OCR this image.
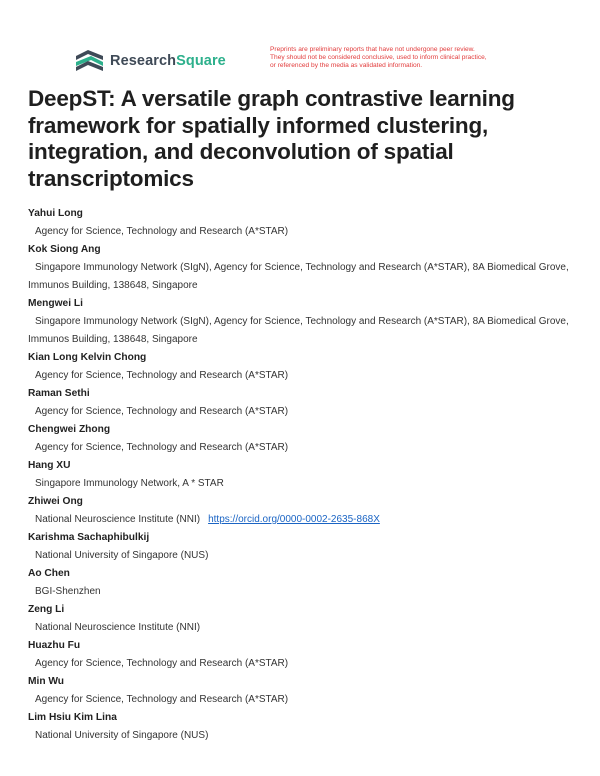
ResearchSquare
Preprints are preliminary reports that have not undergone peer review.
They should not be considered conclusive, used to inform clinical practice,
or referenced by the media as validated information.
DeepST: A versatile graph contrastive learning framework for spatially informed clustering, integration, and deconvolution of spatial transcriptomics
Yahui Long
Agency for Science, Technology and Research (A*STAR)
Kok Siong Ang
Singapore Immunology Network (SIgN), Agency for Science, Technology and Research (A*STAR), 8A Biomedical Grove, Immunos Building, 138648, Singapore
Mengwei Li
Singapore Immunology Network (SIgN), Agency for Science, Technology and Research (A*STAR), 8A Biomedical Grove, Immunos Building, 138648, Singapore
Kian Long Kelvin Chong
Agency for Science, Technology and Research (A*STAR)
Raman Sethi
Agency for Science, Technology and Research (A*STAR)
Chengwei Zhong
Agency for Science, Technology and Research (A*STAR)
Hang XU
Singapore Immunology Network, A * STAR
Zhiwei Ong
National Neuroscience Institute (NNI) https://orcid.org/0000-0002-2635-868X
Karishma Sachaphibulkij
National University of Singapore (NUS)
Ao Chen
BGI-Shenzhen
Zeng Li
National Neuroscience Institute (NNI)
Huazhu Fu
Agency for Science, Technology and Research (A*STAR)
Min Wu
Agency for Science, Technology and Research (A*STAR)
Lim Hsiu Kim Lina
National University of Singapore (NUS)
